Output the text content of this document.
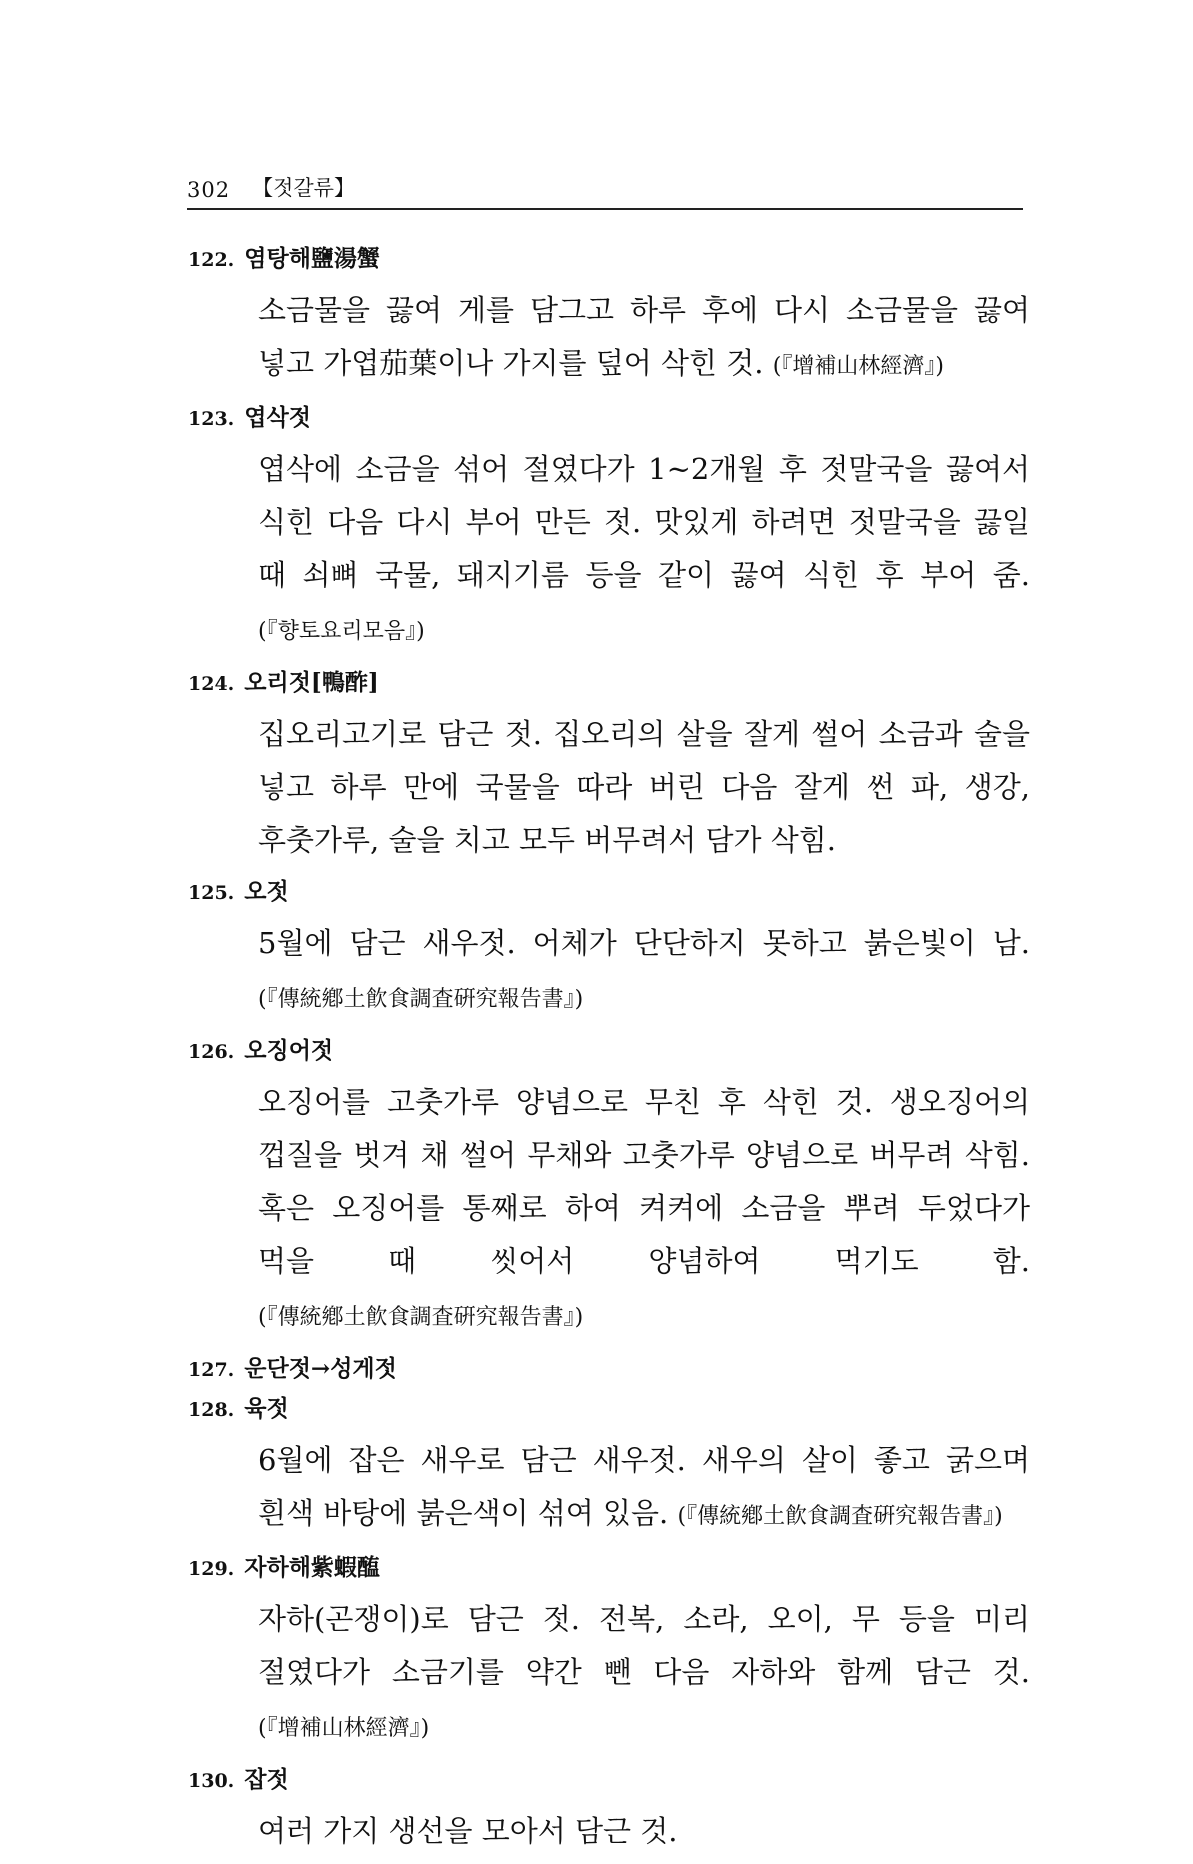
302 【젓갈류】
122. 염탕해鹽湯蟹

소금물을 끓여 게를 담그고 하루 후에 다시 소금물을 끓여 넣고 가엽茄葉이나 가지를 덮어 삭힌 것. (『增補山林經濟』)

123. 엽삭젓

엽삭에 소금을 섞어 절였다가 1~2개월 후 젓말국을 끓여서 식힌 다음 다시 부어 만든 젓. 맛있게 하려면 젓말국을 끓일 때 쇠뼈 국물, 돼지기름 등을 같이 끓여 식힌 후 부어 줌. (『향토요리모음』)

124. 오리젓[鴨酢]

집오리고기로 담근 젓. 집오리의 살을 잘게 썰어 소금과 술을 넣고 하루 만에 국물을 따라 버린 다음 잘게 썬 파, 생강, 후춧가루, 술을 치고 모두 버무려서 담가 삭힘.

125. 오젓

5월에 담근 새우젓. 어체가 단단하지 못하고 붉은빛이 남. (『傳統鄕土飮食調査硏究報告書』)

126. 오징어젓

오징어를 고춧가루 양념으로 무친 후 삭힌 것. 생오징어의 껍질을 벗겨 채 썰어 무채와 고춧가루 양념으로 버무려 삭힘. 혹은 오징어를 통째로 하여 켜켜에 소금을 뿌려 두었다가 먹을 때 씻어서 양념하여 먹기도 함. (『傳統鄕土飮食調査硏究報告書』)

127. 운단젓→성게젓
128. 육젓

6월에 잡은 새우로 담근 새우젓. 새우의 살이 좋고 굵으며 흰색 바탕에 붉은색이 섞여 있음. (『傳統鄕土飮食調査硏究報告書』)

129. 자하해紫蝦醢

자하(곤쟁이)로 담근 젓. 전복, 소라, 오이, 무 등을 미리 절였다가 소금기를 약간 뺀 다음 자하와 함께 담근 것. (『增補山林經濟』)

130. 잡젓

여러 가지 생선을 모아서 담근 것.
